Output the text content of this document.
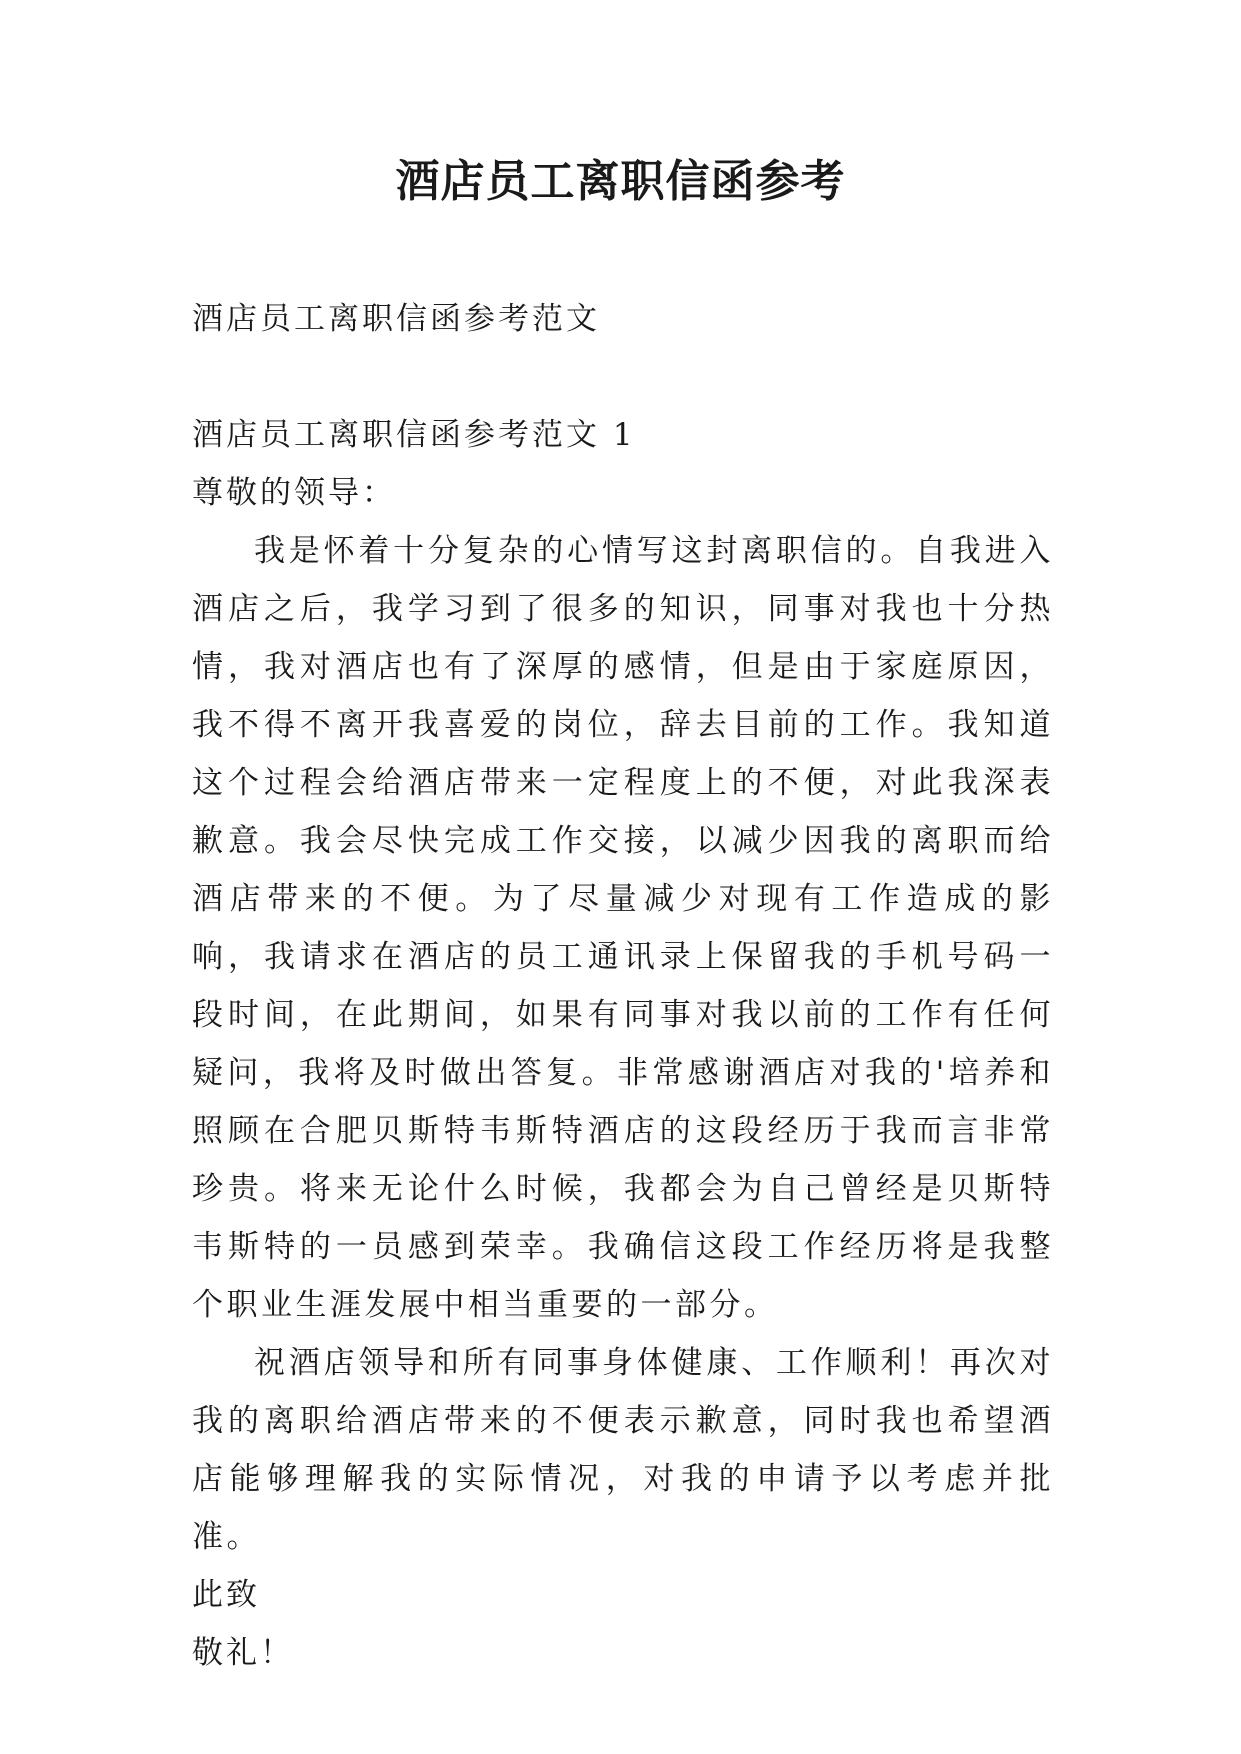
酒店员工离职信函参考
酒店员工离职信函参考范文
酒店员工离职信函参考范文 1
尊敬的领导：

我是怀着十分复杂的心情写这封离职信的。自我进入酒店之后，我学习到了很多的知识，同事对我也十分热情，我对酒店也有了深厚的感情，但是由于家庭原因，我不得不离开我喜爱的岗位，辞去目前的工作。我知道这个过程会给酒店带来一定程度上的不便，对此我深表歉意。我会尽快完成工作交接，以减少因我的离职而给酒店带来的不便。为了尽量减少对现有工作造成的影响，我请求在酒店的员工通讯录上保留我的手机号码一段时间，在此期间，如果有同事对我以前的工作有任何疑问，我将及时做出答复。非常感谢酒店对我的'培养和照顾在合肥贝斯特韦斯特酒店的这段经历于我而言非常珍贵。将来无论什么时候，我都会为自己曾经是贝斯特韦斯特的一员感到荣幸。我确信这段工作经历将是我整个职业生涯发展中相当重要的一部分。

祝酒店领导和所有同事身体健康、工作顺利！再次对我的离职给酒店带来的不便表示歉意，同时我也希望酒店能够理解我的实际情况，对我的申请予以考虑并批准。

此致
敬礼！
